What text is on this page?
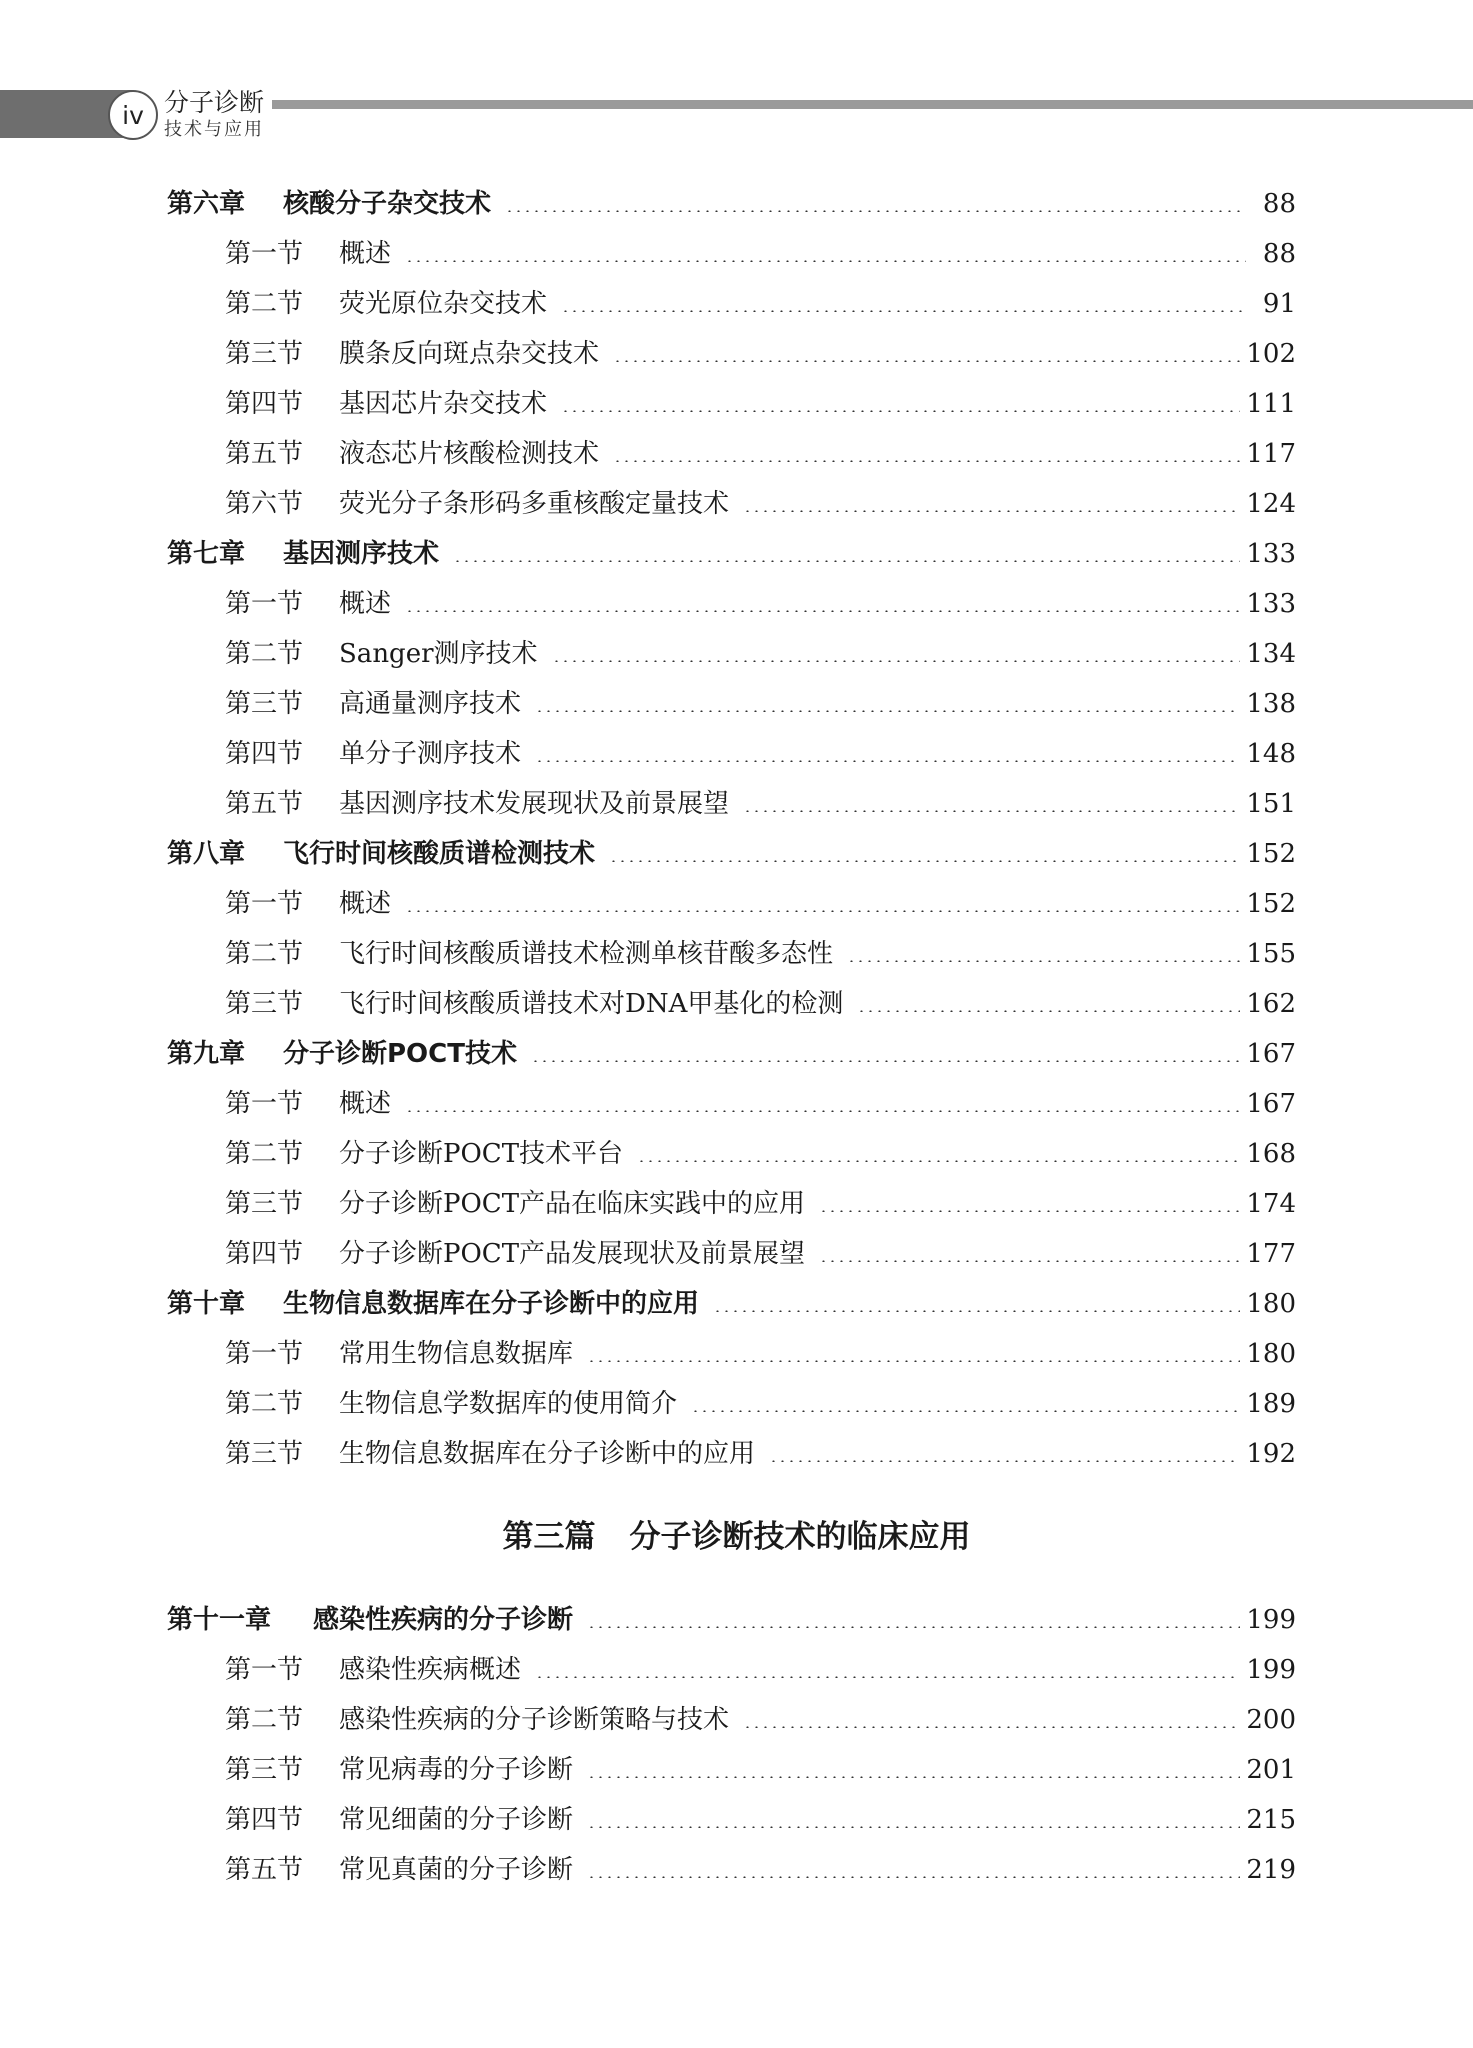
iv 分子诊断
技术与应用
第六章	核酸分子杂交技术	88
第一节	概述	88
第二节	荧光原位杂交技术	91
第三节	膜条反向斑点杂交技术	102
第四节	基因芯片杂交技术	111
第五节	液态芯片核酸检测技术	117
第六节	荧光分子条形码多重核酸定量技术	124
第七章	基因测序技术	133
第一节	概述	133
第二节	Sanger测序技术	134
第三节	高通量测序技术	138
第四节	单分子测序技术	148
第五节	基因测序技术发展现状及前景展望	151
第八章	飞行时间核酸质谱检测技术	152
第一节	概述	152
第二节	飞行时间核酸质谱技术检测单核苷酸多态性	155
第三节	飞行时间核酸质谱技术对DNA甲基化的检测	162
第九章	分子诊断POCT技术	167
第一节	概述	167
第二节	分子诊断POCT技术平台	168
第三节	分子诊断POCT产品在临床实践中的应用	174
第四节	分子诊断POCT产品发展现状及前景展望	177
第十章	生物信息数据库在分子诊断中的应用	180
第一节	常用生物信息数据库	180
第二节	生物信息学数据库的使用简介	189
第三节	生物信息数据库在分子诊断中的应用	192
第十一章	感染性疾病的分子诊断	199
第一节	感染性疾病概述	199
第二节	感染性疾病的分子诊断策略与技术	200
第三节	常见病毒的分子诊断	201
第四节	常见细菌的分子诊断	215
第五节	常见真菌的分子诊断	219
第三篇 分子诊断技术的临床应用
